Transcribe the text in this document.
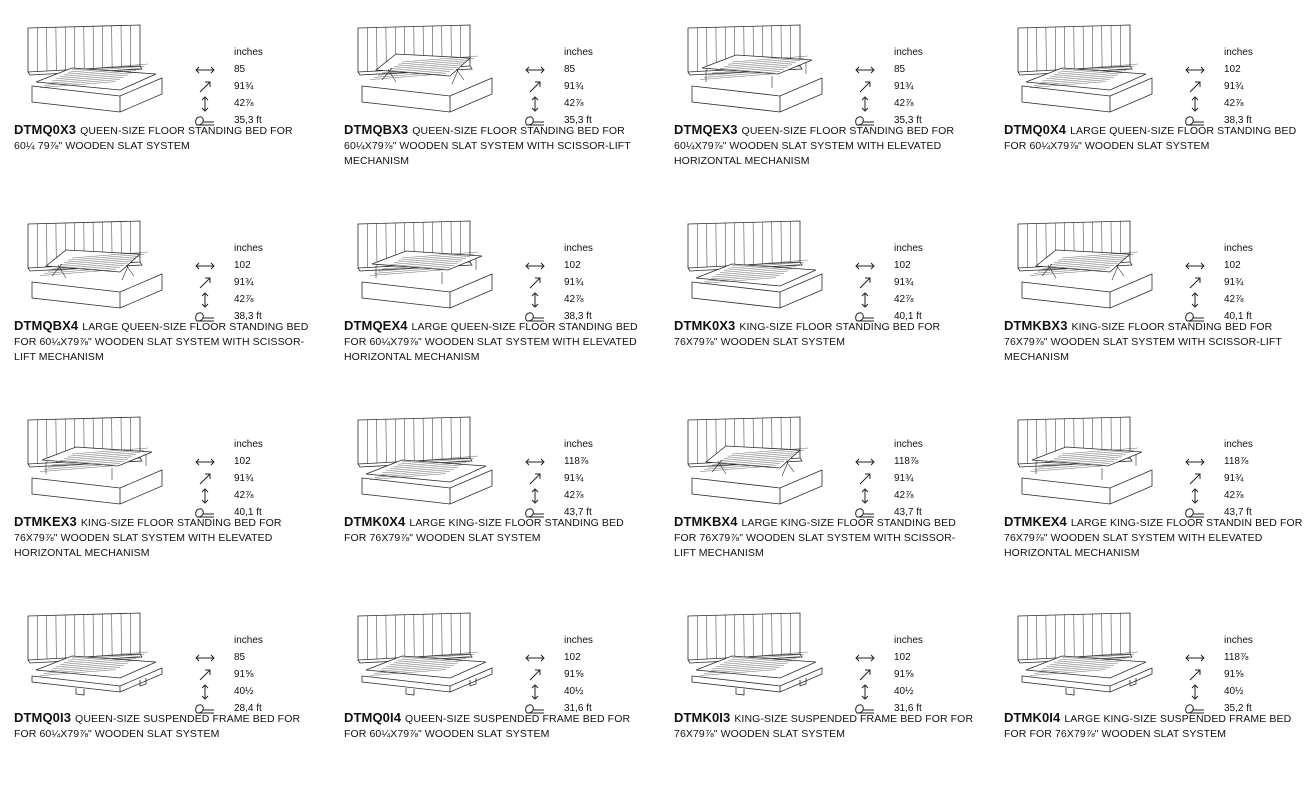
inches
85
91¾
42⅞
35,3 ft
DTMQ0X3 QUEEN-SIZE FLOOR STANDING BED FOR 60¼ 79⅞" WOODEN SLAT SYSTEM
inches
85
91¾
42⅞
35,3 ft
DTMQBX3 QUEEN-SIZE FLOOR STANDING BED FOR 60¼X79⅞" WOODEN SLAT SYSTEM WITH SCISSOR-LIFT MECHANISM
inches
85
91¾
42⅞
35,3 ft
DTMQEX3 QUEEN-SIZE FLOOR STANDING BED FOR 60¼X79⅞" WOODEN SLAT SYSTEM WITH ELEVATED HORIZONTAL MECHANISM
inches
102
91¾
42⅞
38,3 ft
DTMQ0X4 LARGE QUEEN-SIZE FLOOR STANDING BED FOR 60¼X79⅞" WOODEN SLAT SYSTEM
inches
102
91¾
42⅞
38,3 ft
DTMQBX4 LARGE QUEEN-SIZE FLOOR STANDING BED FOR 60¼X79⅞" WOODEN SLAT SYSTEM WITH SCISSOR-LIFT MECHANISM
inches
102
91¾
42⅞
38,3 ft
DTMQEX4 LARGE QUEEN-SIZE FLOOR STANDING BED FOR 60¼X79⅞" WOODEN SLAT SYSTEM WITH ELEVATED HORIZONTAL MECHANISM
inches
102
91¾
42⅞
40,1 ft
DTMK0X3 KING-SIZE FLOOR STANDING BED FOR 76X79⅞" WOODEN SLAT SYSTEM
inches
102
91¾
42⅞
40,1 ft
DTMKBX3 KING-SIZE FLOOR STANDING BED FOR 76X79⅞" WOODEN SLAT SYSTEM WITH SCISSOR-LIFT MECHANISM
inches
102
91¾
42⅞
40,1 ft
DTMKEX3 KING-SIZE FLOOR STANDING BED FOR 76X79⅞" WOODEN SLAT SYSTEM WITH ELEVATED HORIZONTAL MECHANISM
inches
118⅞
91¾
42⅞
43,7 ft
DTMK0X4 LARGE KING-SIZE FLOOR STANDING BED FOR 76X79⅞" WOODEN SLAT SYSTEM
inches
118⅞
91¾
42⅞
43,7 ft
DTMKBX4 LARGE KING-SIZE FLOOR STANDING BED FOR 76X79⅞" WOODEN SLAT SYSTEM WITH SCISSOR-LIFT MECHANISM
inches
118⅞
91¾
42⅞
43,7 ft
DTMKEX4 LARGE KING-SIZE FLOOR STANDIN BED FOR 76X79⅞" WOODEN SLAT SYSTEM WITH ELEVATED HORIZONTAL MECHANISM
inches
85
91⅝
40½
28,4 ft
DTMQ0I3 QUEEN-SIZE SUSPENDED FRAME BED FOR FOR 60¼X79⅞" WOODEN SLAT SYSTEM
inches
102
91⅝
40½
31,6 ft
DTMQ0I4 QUEEN-SIZE SUSPENDED FRAME BED FOR FOR 60¼X79⅞" WOODEN SLAT SYSTEM
inches
102
91⅝
40½
31,6 ft
DTMK0I3 KING-SIZE SUSPENDED FRAME BED FOR FOR 76X79⅞" WOODEN SLAT SYSTEM
inches
118⅞
91⅝
40½
35,2 ft
DTMK0I4 LARGE KING-SIZE SUSPENDED FRAME BED FOR FOR 76X79⅞" WOODEN SLAT SYSTEM
